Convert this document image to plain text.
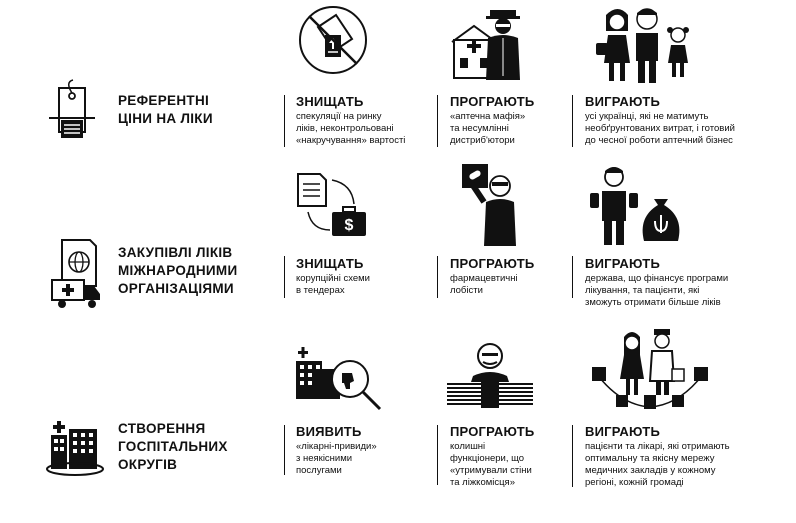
РЕФЕРЕНТНІ
ЦІНИ НА ЛІКИ
ЗНИЩАТЬ
спекуляції на ринку
ліків, неконтрольовані
«накручування» вартості
ПРОГРАЮТЬ
«аптечна мафія»
та несумлінні
дистриб'ютори
ВИГРАЮТЬ
усі українці, які не матимуть
необґрунтованих витрат, і готовий
до чесної роботи аптечний бізнес
ЗАКУПІВЛІ ЛІКІВ
МІЖНАРОДНИМИ
ОРГАНІЗАЦІЯМИ
$
ЗНИЩАТЬ
корупційні схеми
в тендерах
ПРОГРАЮТЬ
фармацевтичні
лобісти
ВИГРАЮТЬ
держава, що фінансує програми
лікування, та пацієнти, які
зможуть отримати більше ліків
СТВОРЕННЯ
ГОСПІТАЛЬНИХ
ОКРУГІВ
ВИЯВИТЬ
«лікарні-привиди»
з неякісними
послугами
ПРОГРАЮТЬ
колишні
функціонери, що
«утримували стіни
та ліжкомісця»
ВИГРАЮТЬ
пацієнти та лікарі, які отримають
оптимальну та якісну мережу
медичних закладів у кожному
регіоні, кожній громаді
